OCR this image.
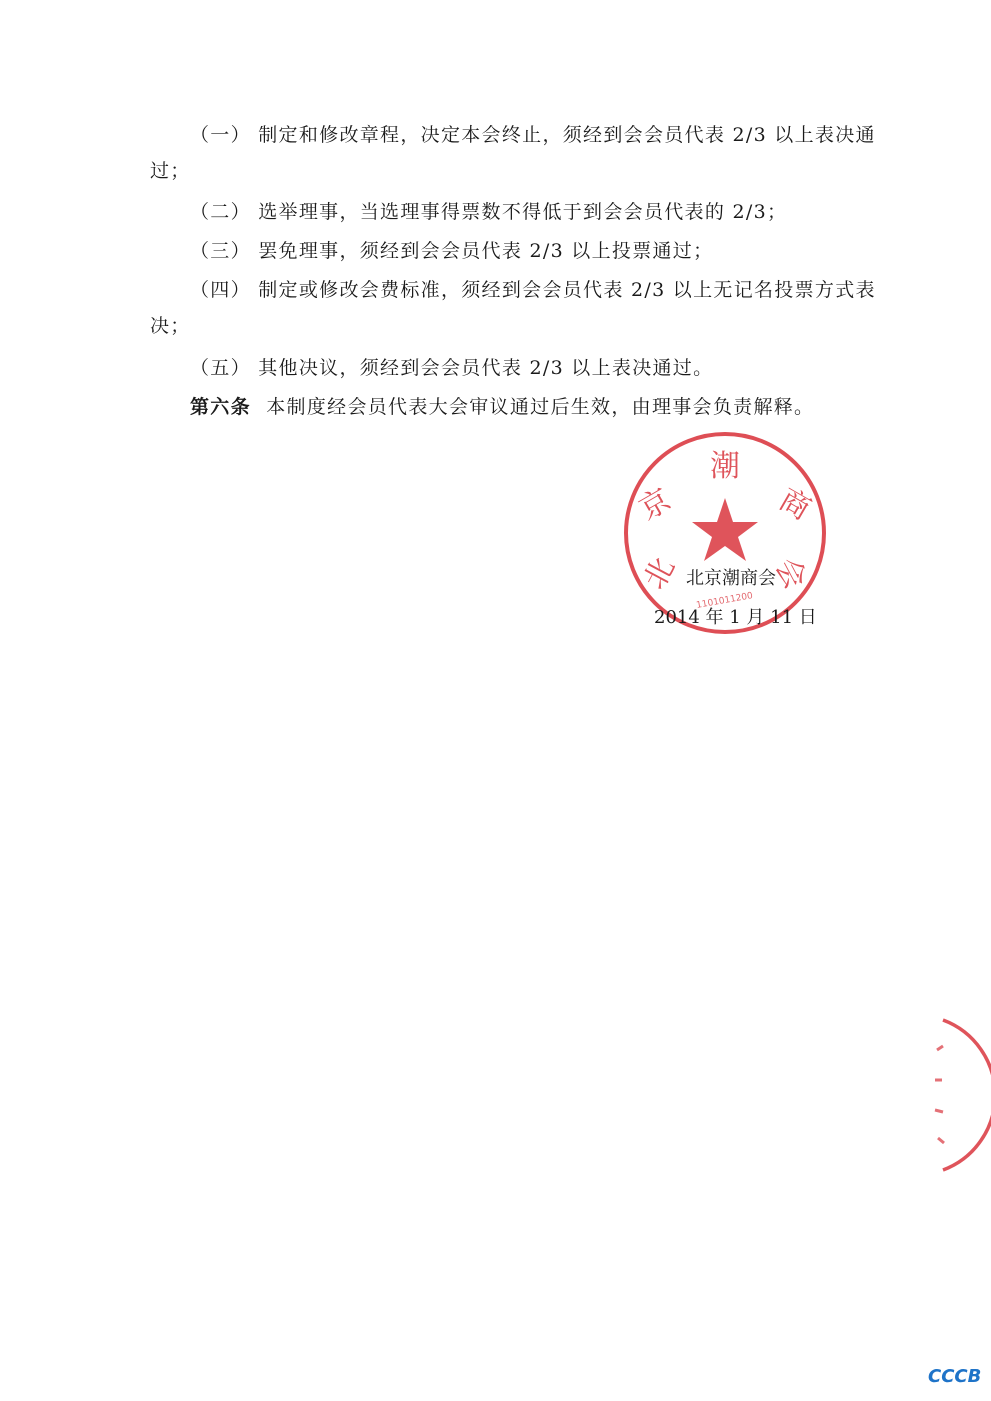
（一） 制定和修改章程，决定本会终止，须经到会会员代表 2/3 以上表决通
过；
（二） 选举理事，当选理事得票数不得低于到会会员代表的 2/3；
（三） 罢免理事，须经到会会员代表 2/3 以上投票通过；
（四） 制定或修改会费标准，须经到会会员代表 2/3 以上无记名投票方式表
决；
（五） 其他决议，须经到会会员代表 2/3 以上表决通过。
第六条 本制度经会员代表大会审议通过后生效，由理事会负责解释。
北
京
潮
商
会
1101011200
北京潮商会
2014 年 1 月 11 日
CCCB
